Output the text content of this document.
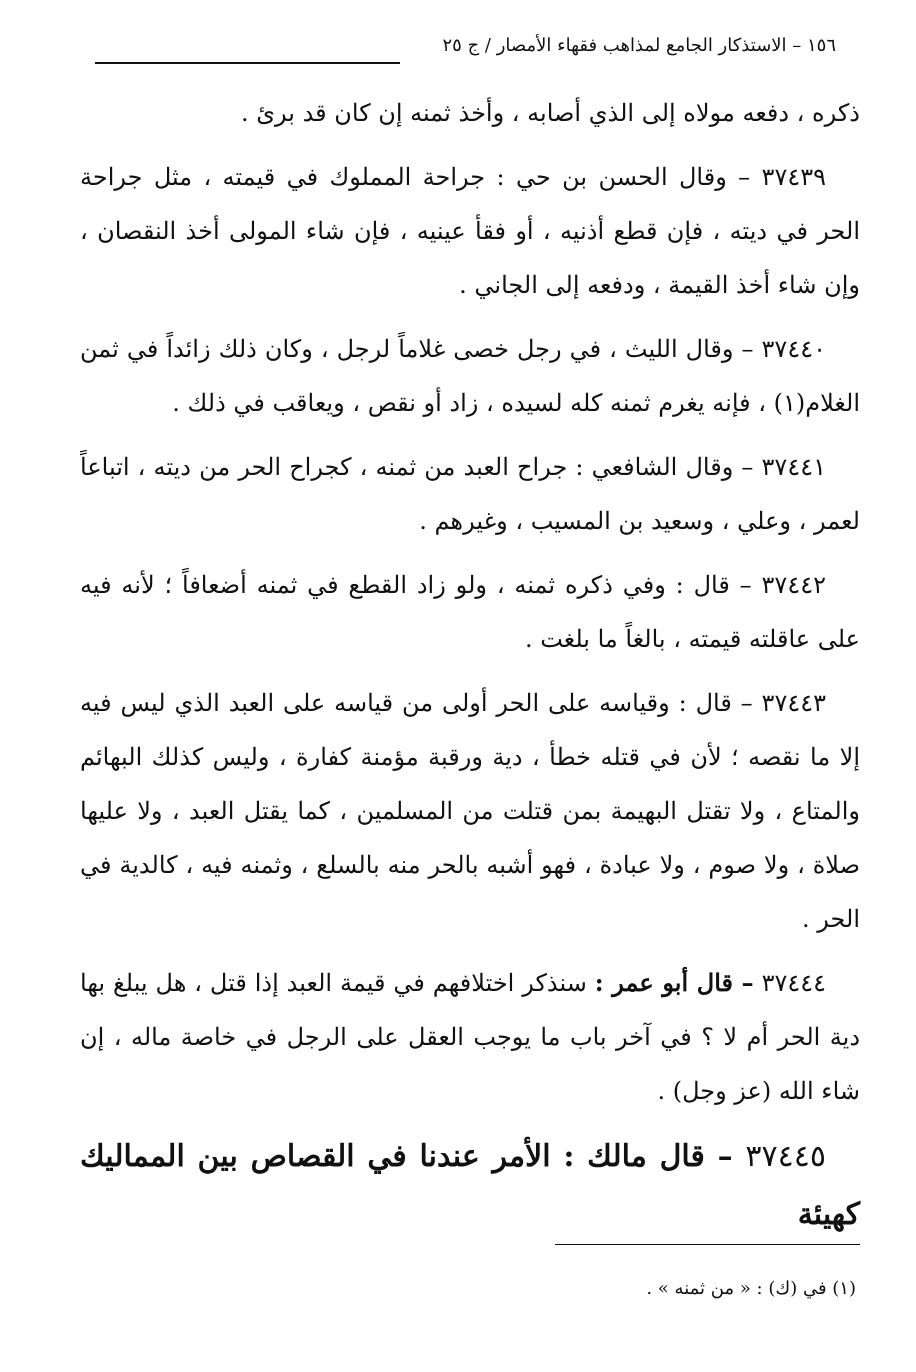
١٥٦ – الاستذكار الجامع لمذاهب فقهاء الأمصار / ج ٢٥

ذكره ، دفعه مولاه إلى الذي أصابه ، وأخذ ثمنه إن كان قد برئ .

٣٧٤٣٩ – وقال الحسن بن حي : جراحة المملوك في قيمته ، مثل جراحة الحر في ديته ، فإن قطع أذنيه ، أو فقأ عينيه ، فإن شاء المولى أخذ النقصان ، وإن شاء أخذ القيمة ، ودفعه إلى الجاني .

٣٧٤٤٠ – وقال الليث ، في رجل خصى غلاماً لرجل ، وكان ذلك زائداً في ثمن الغلام(١) ، فإنه يغرم ثمنه كله لسيده ، زاد أو نقص ، ويعاقب في ذلك .

٣٧٤٤١ – وقال الشافعي : جراح العبد من ثمنه ، كجراح الحر من ديته ، اتباعاً لعمر ، وعلي ، وسعيد بن المسيب ، وغيرهم .

٣٧٤٤٢ – قال : وفي ذكره ثمنه ، ولو زاد القطع في ثمنه أضعافاً ؛ لأنه فيه على عاقلته قيمته ، بالغاً ما بلغت .

٣٧٤٤٣ – قال : وقياسه على الحر أولى من قياسه على العبد الذي ليس فيه إلا ما نقصه ؛ لأن في قتله خطأ ، دية ورقبة مؤمنة كفارة ، وليس كذلك البهائم والمتاع ، ولا تقتل البهيمة بمن قتلت من المسلمين ، كما يقتل العبد ، ولا عليها صلاة ، ولا صوم ، ولا عبادة ، فهو أشبه بالحر منه بالسلع ، وثمنه فيه ، كالدية في الحر .

٣٧٤٤٤ – قال أبو عمر : سنذكر اختلافهم في قيمة العبد إذا قتل ، هل يبلغ بها دية الحر أم لا ؟ في آخر باب ما يوجب العقل على الرجل في خاصة ماله ، إن شاء الله (عز وجل) .

٣٧٤٤٥ – قال مالك : الأمر عندنا في القصاص بين المماليك كهيئة

(١) في (ك) : « من ثمنه » .
